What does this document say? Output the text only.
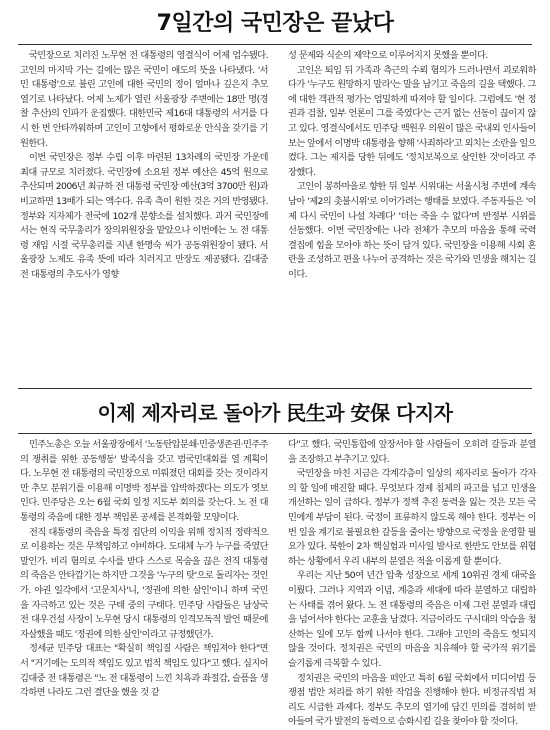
7일간의 국민장은 끝났다

국민장으로 치러진 노무현 전 대통령의 영결식이 어제 엄수됐다. 고인의 마지막 가는 길에는 많은 국민이 애도의 뜻을 나타냈다. '서민 대통령'으로 불린 고인에 대한 국민의 정이 얼마나 깊은지 추모 열기로 나타났다. 어제 노제가 열린 서울광장 주변에는 18만 명(경찰 추산)의 인파가 운집했다. 대한민국 제16대 대통령의 서거를 다시 한 번 안타까워하며 고인이 고향에서 평화로운 안식을 갖기를 기원한다.

이번 국민장은 정부 수립 이후 마련된 13차례의 국민장 가운데 최대 규모로 치러졌다. 국민장에 소요된 정부 예산은 45억 원으로 추산되며 2006년 최규하 전 대통령 국민장 예산(3억 3700만 원)과 비교하면 13배가 되는 액수다. 유족 측이 원한 것은 거의 반영됐다. 정부와 지자체가 전국에 102개 분향소를 설치했다. 과거 국민장에서는 현직 국무총리가 장의위원장을 맡았으나 이번에는 노 전 대통령 재임 시절 국무총리를 지낸 한명숙 씨가 공동위원장이 됐다. 서울광장 노제도 유족 뜻에 따라 치러지고 만장도 제공됐다. 김대중 전 대통령의 추도사가 영향

성 문제와 식순의 제약으로 이루어지지 못했을 뿐이다.

고인은 퇴임 뒤 가족과 측근의 수뢰 혐의가 드러나면서 괴로워하다가 '누구도 원망하지 말라'는 말을 남기고 죽음의 길을 택했다. 그에 대한 객관적 평가는 엄밀하게 따져야 할 일이다. 그럼에도 '현 정권과 검찰, 일부 언론이 그를 죽였다'는 근거 없는 선동이 끊이지 않고 있다. 영결식에서도 민주당 백원우 의원이 많은 국내외 인사들이 보는 앞에서 이명박 대통령을 향해 '사죄하라'고 외치는 소란을 일으켰다. 그는 제지를 당한 뒤에도 '정치보복으로 살인한 것'이라고 주장했다.

고인이 봉하마을로 향한 뒤 일부 시위대는 서울시청 주변에 계속 남아 '제2의 촛불시위'로 이어가려는 행태를 보였다. 주동자들은 '이제 다시 국민이 나설 차례다' '더는 죽을 수 없다'며 반정부 시위를 선동했다. 이번 국민장에는 나라 전체가 추모의 마음을 통해 국력 결집에 힘을 모아야 하는 뜻이 담겨 있다. 국민장을 이용해 사회 혼란을 조성하고 편을 나누어 공격하는 것은 국가와 민생을 해치는 길이다.

이제 제자리로 돌아가 民生과 安保 다지자

민주노총은 오늘 서울광장에서 '노동탄압분쇄·민중생존권·민주주의 쟁취를 위한 공동행동' 발족식을 갖고 범국민대회를 열 계획이다. 노무현 전 대통령의 국민장으로 미뤄졌던 대회를 갖는 것이라지만 추모 분위기를 이용해 이명박 정부를 압박하겠다는 의도가 엿보인다. 민주당은 오는 6월 국회 일정 지도부 회의를 갖는다. 노 전 대통령의 죽음에 대한 정부 책임론 공세를 본격화할 모양이다.

전직 대통령의 죽음을 특정 집단의 이익을 위해 정치적 정략적으로 이용하는 것은 무책임하고 야비하다. 도대체 누가 누구를 죽였단 말인가. 비리 혐의로 수사를 받다 스스로 목숨을 끊은 전직 대통령의 죽음은 안타깝기는 하지만 그것을 '누구의 탓'으로 돌리자는 것인가. 야권 일각에서 '고문치사'니, '정권에 의한 살인'이니 하며 국민을 자극하고 있는 것은 구태 중의 구태다. 민주당 사람들은 남상국 전 대우건설 사장이 노무현 당시 대통령의 인격모독적 발언 때문에 자살했을 때도 '정권에 의한 살인'이라고 규정했던가.

정세균 민주당 대표는 "확실히 책임질 사람은 책임져야 한다"면서 "거기에는 도의적 책임도 있고 법적 책임도 있다"고 했다. 심지어 김대중 전 대통령은 "노 전 대통령이 느낀 치욕과 좌절감, 슬픔을 생각하면 나라도 그런 결단을 했을 것 같

다"고 했다. 국민통합에 앞장서야 할 사람들이 오히려 갈등과 분열을 조장하고 부추기고 있다.

국민장을 마친 지금은 각계각층이 일상의 제자리로 돌아가 각자의 할 일에 매진할 때다. 무엇보다 경제 침체의 파고를 넘고 민생을 개선하는 일이 급하다. 정부가 정책 추진 동력을 잃는 것은 모든 국민에게 부담이 된다. 국정이 표류하지 않도록 해야 한다. 정부는 이번 일을 계기로 불필요한 갈등을 줄이는 방향으로 국정을 운영할 필요가 있다. 북한이 2차 핵실험과 미사일 발사로 한반도 안보를 위협하는 상황에서 우리 내부의 분열은 적을 이롭게 할 뿐이다.

우리는 지난 50여 년간 압축 성장으로 세계 10위권 경제 대국을 이뤘다. 그러나 지역과 이념, 계층과 세대에 따라 분열하고 대립하는 사태를 겪어 왔다. 노 전 대통령의 죽음은 이제 그런 분열과 대립을 넘어서야 한다는 교훈을 남겼다. 지금이라도 구시대의 악습을 청산하는 일에 모두 함께 나서야 한다. 그래야 고인의 죽음도 헛되지 않을 것이다. 정치권은 국민의 마음을 치유해야 할 국가적 위기를 슬기롭게 극복할 수 있다.

정치권은 국민의 마음을 떠안고 특히 6월 국회에서 미디어법 등 쟁점 법안 처리를 하기 위한 작업을 진행해야 한다. 비정규직법 처리도 시급한 과제다. 정부도 추모의 열기에 담긴 민의를 겸허히 받아들여 국가 발전의 동력으로 승화시킬 길을 찾아야 할 것이다.
